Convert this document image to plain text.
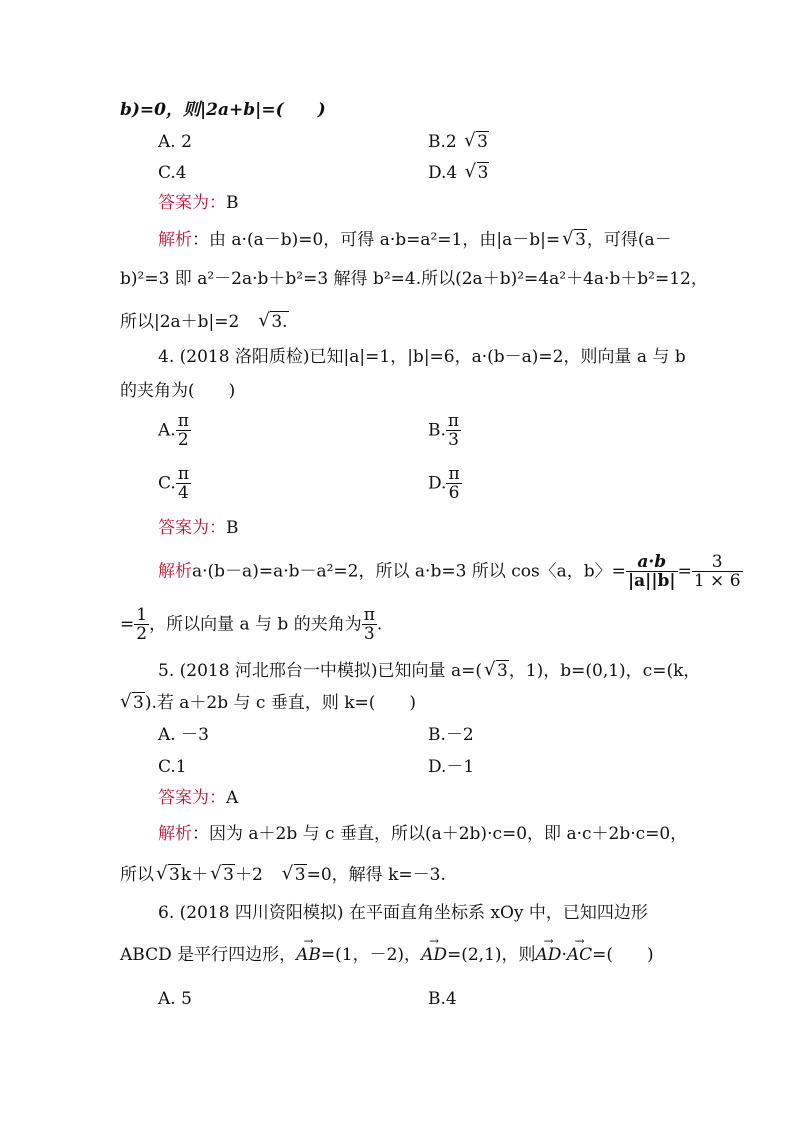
b)=0，则|2a+b|=(　　)
A. 2	B.2 √ 3
C.4	D.4 √ 3
答案为：B
解析：由 a·(a－b)=0，可得 a·b=a²=1，由|a－b|= √ 3，可得(a－
b)²=3 即 a²－2a·b＋b²=3 解得 b²=4.所以(2a＋b)²=4a²＋4a·b＋b²=12，
所以|2a＋b|=2　 √ 3.
4. (2018 洛阳质检)已知|a|=1，|b|=6，a·(b－a)=2，则向量 a 与 b
的夹角为(　　)
A. $\frac{\pi}{2}$	B. $\frac{\pi}{3}$
C. $\frac{\pi}{4}$	D. $\frac{\pi}{6}$
答案为：B
解析a·(b－a)=a·b－a²=2，所以 a·b=3 所以 cos〈a，b〉= $\frac{a\cdot b}{|a||b|} = \frac{3}{1 \times 6}$
= $\frac{1}{2}$ ，所以向量 a 与 b 的夹角为 $\frac{\pi}{3}$ .
5. (2018 河北邢台一中模拟)已知向量 a=( √ 3，1)，b=(0,1)，c=(k，
√ 3).若 a＋2b 与 c 垂直，则 k=(　　)
A. －3	B.－2
C.1	D.－1
答案为：A
解析：因为 a＋2b 与 c 垂直，所以(a＋2b)·c=0，即 a·c＋2b·c=0，
所以 √ 3k＋ √ 3＋2　 √ 3=0，解得 k=－3.
6. (2018 四川资阳模拟) 在平面直角坐标系 xOy 中，已知四边形
ABCD 是平行四边形，→ AB=(1，－2)，→ AD=(2,1)，则→ AD·→ AC=(　　)
A. 5	B.4
